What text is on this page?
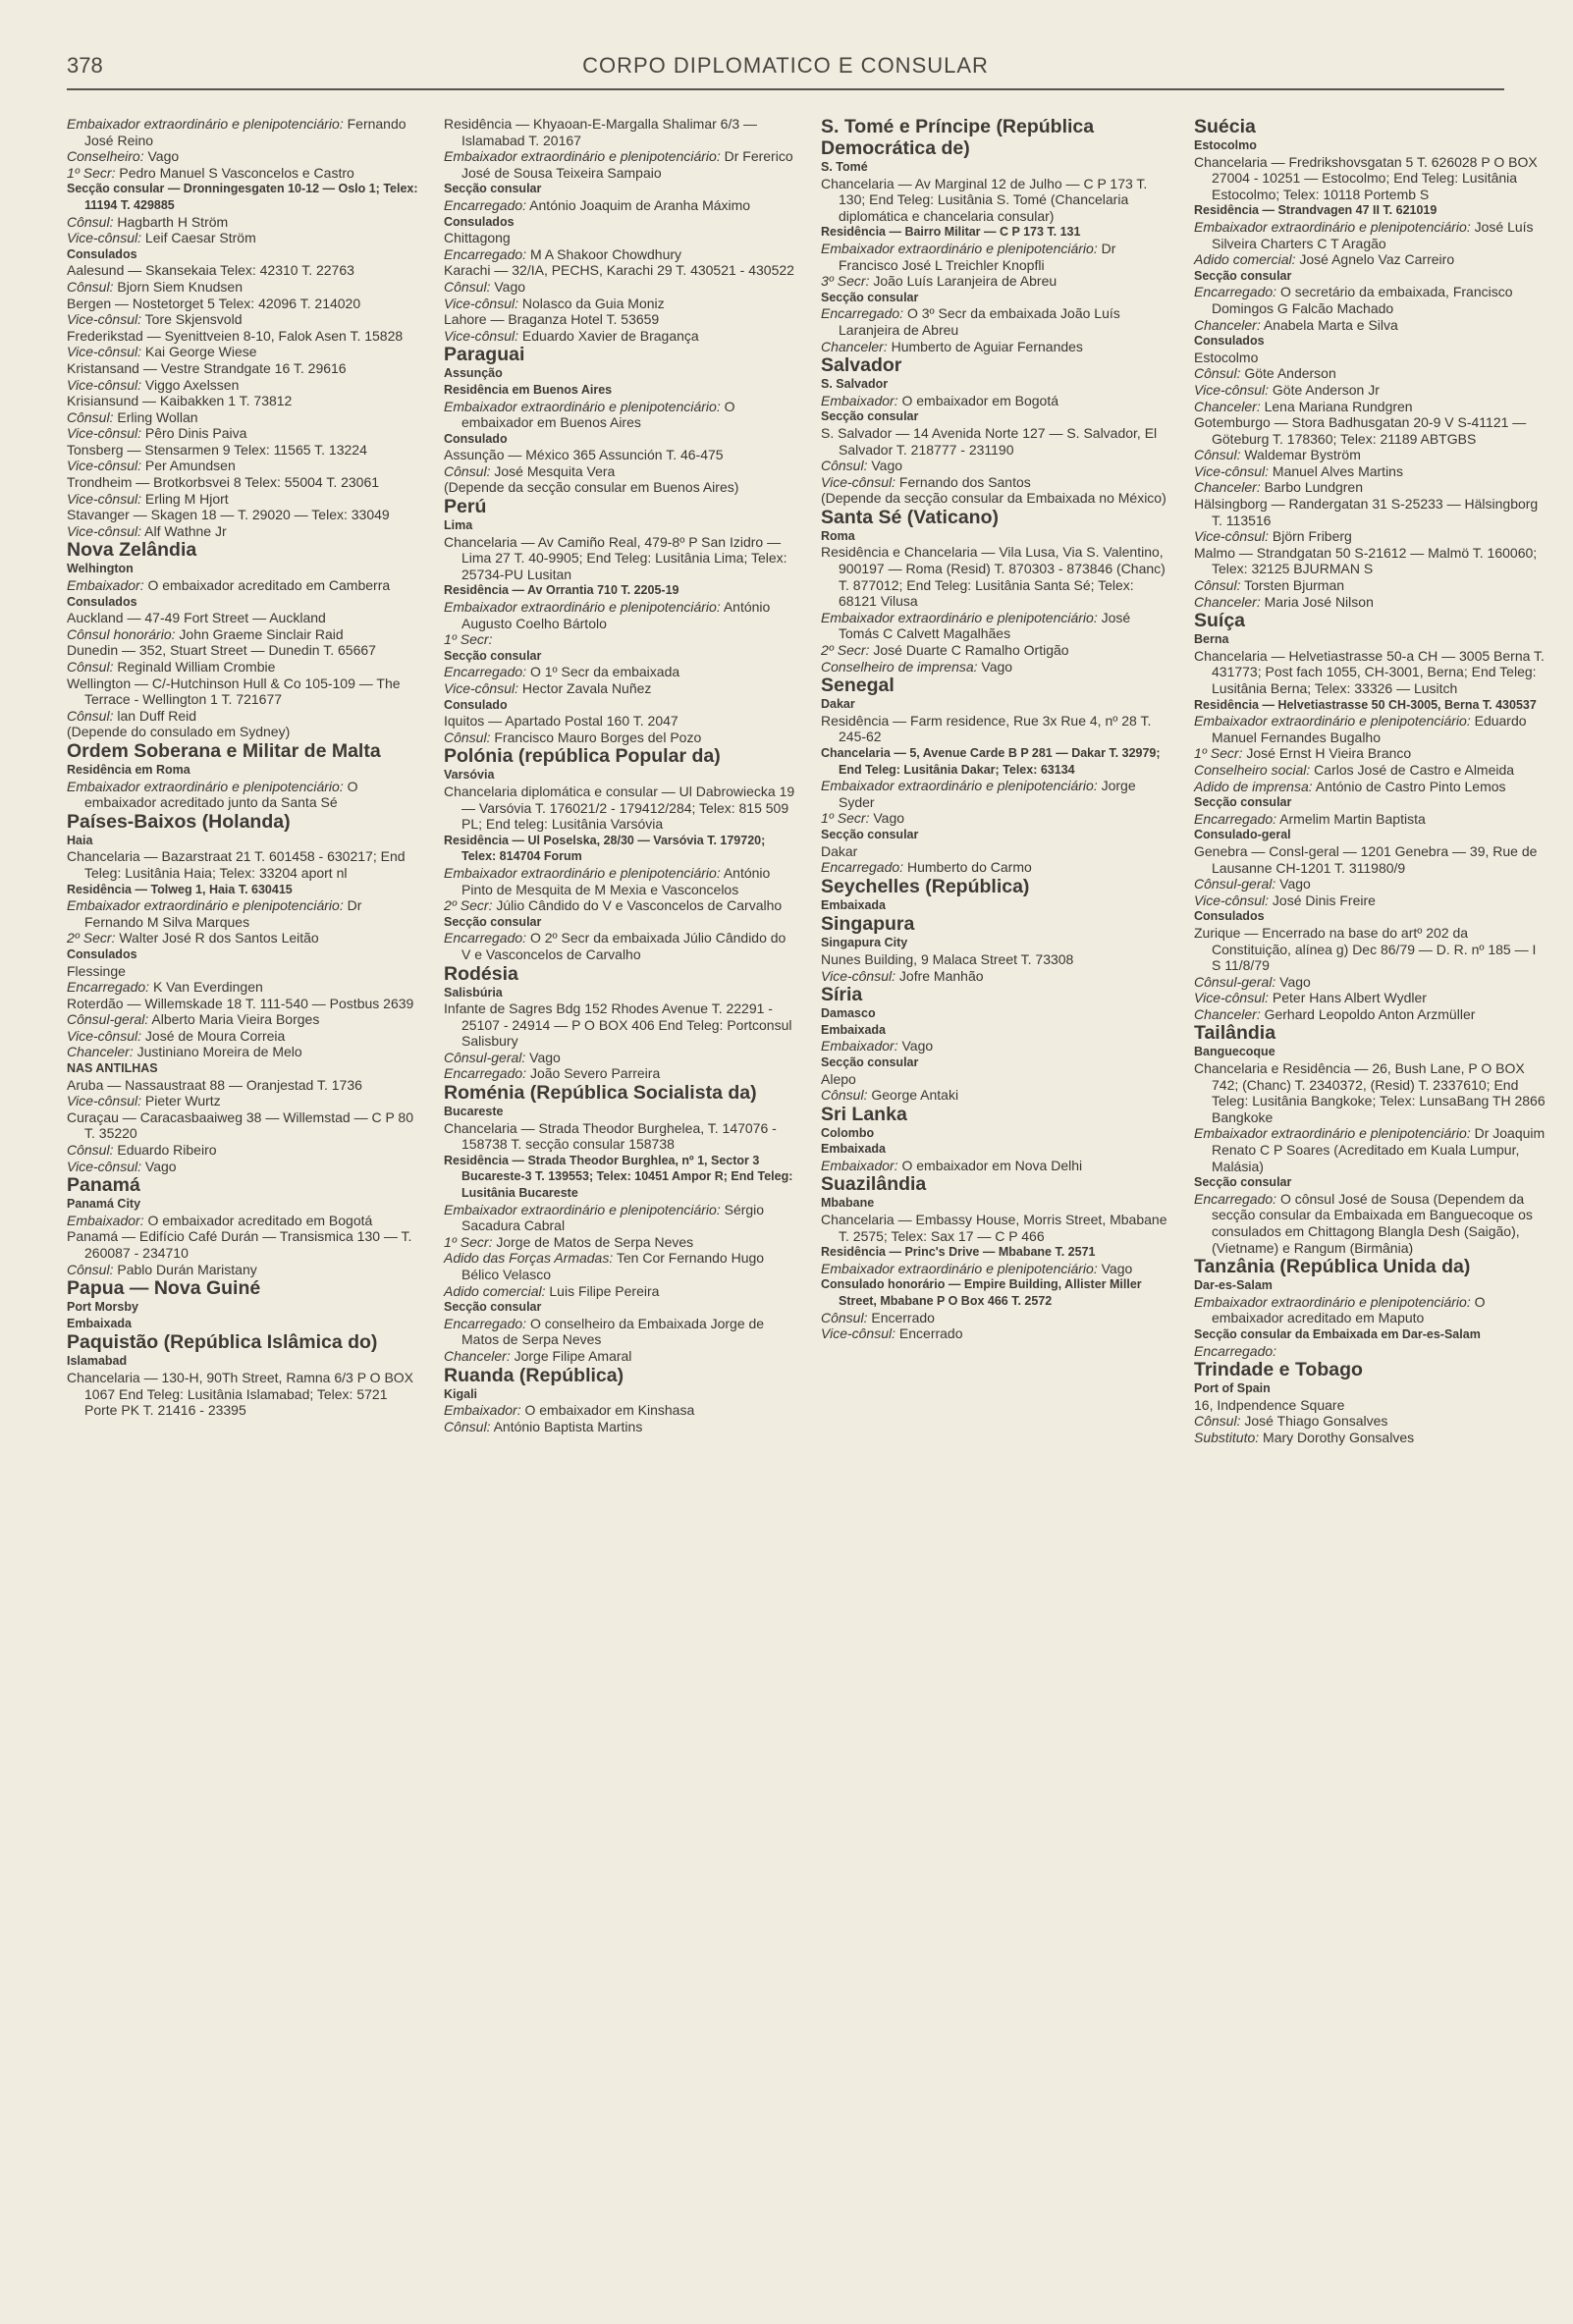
378	CORPO DIPLOMATICO E CONSULAR

Embaixador extraordinário e plenipotenciário: Fernando José Reino

Conselheiro: Vago

1º Secr: Pedro Manuel S Vasconcelos e Castro

Secção consular — Dronningesgaten 10-12 — Oslo 1; Telex: 11194 T. 429885

Cônsul: Hagbarth H Ström

Vice-cônsul: Leif Caesar Ström

Consulados

Aalesund — Skansekaia Telex: 42310 T. 22763

Cônsul: Bjorn Siem Knudsen

Bergen — Nostetorget 5 Telex: 42096 T. 214020

Vice-cônsul: Tore Skjensvold

Frederikstad — Syenittveien 8-10, Falok Asen T. 15828

Vice-cônsul: Kai George Wiese

Kristansand — Vestre Strandgate 16 T. 29616

Vice-cônsul: Viggo Axelssen

Krisiansund — Kaibakken 1 T. 73812

Cônsul: Erling Wollan

Vice-cônsul: Pêro Dinis Paiva

Tonsberg — Stensarmen 9 Telex: 11565 T. 13224

Vice-cônsul: Per Amundsen

Trondheim — Brotkorbsvei 8 Telex: 55004 T. 23061

Vice-cônsul: Erling M Hjort

Stavanger — Skagen 18 — T. 29020 — Telex: 33049

Vice-cônsul: Alf Wathne Jr

Nova Zelândia

Welhington

Embaixador: O embaixador acreditado em Camberra

Consulados

Auckland — 47-49 Fort Street — Auckland

Cônsul honorário: John Graeme Sinclair Raid

Dunedin — 352, Stuart Street — Dunedin T. 65667

Cônsul: Reginald William Crombie

Wellington — C/-Hutchinson Hull & Co 105-109 — The Terrace - Wellington 1 T. 721677

Cônsul: lan Duff Reid

(Depende do consulado em Sydney)

Ordem Soberana e Militar de Malta

Residência em Roma

Embaixador extraordinário e plenipotenciário: O embaixador acreditado junto da Santa Sé

Países-Baixos (Holanda)

Haia

Chancelaria — Bazarstraat 21 T. 601458 - 630217; End Teleg: Lusitânia Haia; Telex: 33204 aport nl

Residência — Tolweg 1, Haia T. 630415

Embaixador extraordinário e plenipotenciário: Dr Fernando M Silva Marques

2º Secr: Walter José R dos Santos Leitão

Consulados

Flessinge

Encarregado: K Van Everdingen

Roterdão — Willemskade 18 T. 111-540 — Postbus 2639

Cônsul-geral: Alberto Maria Vieira Borges

Vice-cônsul: José de Moura Correia

Chanceler: Justiniano Moreira de Melo

NAS ANTILHAS

Aruba — Nassaustraat 88 — Oranjestad T. 1736

Vice-cônsul: Pieter Wurtz

Curaçau — Caracasbaaiweg 38 — Willemstad — C P 80 T. 35220

Cônsul: Eduardo Ribeiro

Vice-cônsul: Vago

Panamá

Panamá City

Embaixador: O embaixador acreditado em Bogotá

Panamá — Edifício Café Durán — Transismica 130 — T. 260087 - 234710

Cônsul: Pablo Durán Maristany

Papua — Nova Guiné

Port Morsby

Embaixada

Paquistão (República Islâmica do)

Islamabad

Chancelaria — 130-H, 90Th Street, Ramna 6/3 P O BOX 1067 End Teleg: Lusitânia Islamabad; Telex: 5721 Porte PK T. 21416 - 23395

Residência — Khyaoan-E-Margalla Shalimar 6/3 — Islamabad T. 20167

Embaixador extraordinário e plenipotenciário: Dr Fererico José de Sousa Teixeira Sampaio

Secção consular

Encarregado: António Joaquim de Aranha Máximo

Consulados

Chittagong

Encarregado: M A Shakoor Chowdhury

Karachi — 32/IA, PECHS, Karachi 29 T. 430521 - 430522

Cônsul: Vago

Vice-cônsul: Nolasco da Guia Moniz

Lahore — Braganza Hotel T. 53659

Vice-cônsul: Eduardo Xavier de Bragança

Paraguai

Assunção

Residência em Buenos Aires

Embaixador extraordinário e plenipotenciário: O embaixador em Buenos Aires

Consulado

Assunção — México 365 Assunción T. 46-475

Cônsul: José Mesquita Vera

(Depende da secção consular em Buenos Aires)

Perú

Lima

Chancelaria — Av Camiño Real, 479-8º P San Izidro — Lima 27 T. 40-9905; End Teleg: Lusitânia Lima; Telex: 25734-PU Lusitan

Residência — Av Orrantia 710 T. 2205-19

Embaixador extraordinário e plenipotenciário: António Augusto Coelho Bártolo

1º Secr:

Secção consular

Encarregado: O 1º Secr da embaixada

Vice-cônsul: Hector Zavala Nuñez

Consulado

Iquitos — Apartado Postal 160 T. 2047

Cônsul: Francisco Mauro Borges del Pozo

Polónia (república Popular da)

Varsóvia

Chancelaria diplomática e consular — Ul Dabrowiecka 19 — Varsóvia T. 176021/2 - 179412/284; Telex: 815 509 PL; End teleg: Lusitânia Varsóvia

Residência — Ul Poselska, 28/30 — Varsóvia T. 179720; Telex: 814704 Forum

Embaixador extraordinário e plenipotenciário: António Pinto de Mesquita de M Mexia e Vasconcelos

2º Secr: Júlio Cândido do V e Vasconcelos de Carvalho

Secção consular

Encarregado: O 2º Secr da embaixada Júlio Cândido do V e Vasconcelos de Carvalho

Rodésia

Salisbúria

Infante de Sagres Bdg 152 Rhodes Avenue T. 22291 - 25107 - 24914 — P O BOX 406 End Teleg: Portconsul Salisbury

Cônsul-geral: Vago

Encarregado: João Severo Parreira

Roménia (República Socialista da)

Bucareste

Chancelaria — Strada Theodor Burghelea, T. 147076 - 158738 T. secção consular 158738

Residência — Strada Theodor Burghlea, nº 1, Sector 3 Bucareste-3 T. 139553; Telex: 10451 Ampor R; End Teleg: Lusitânia Bucareste

Embaixador extraordinário e plenipotenciário: Sérgio Sacadura Cabral

1º Secr: Jorge de Matos de Serpa Neves

Adido das Forças Armadas: Ten Cor Fernando Hugo Bélico Velasco

Adido comercial: Luis Filipe Pereira

Secção consular

Encarregado: O conselheiro da Embaixada Jorge de Matos de Serpa Neves

Chanceler: Jorge Filipe Amaral

Ruanda (República)

Kigali

Embaixador: O embaixador em Kinshasa

Cônsul: António Baptista Martins

S. Tomé e Príncipe (República Democrática de)

S. Tomé

Chancelaria — Av Marginal 12 de Julho — C P 173 T. 130; End Teleg: Lusitânia S. Tomé (Chancelaria diplomática e chancelaria consular)

Residência — Bairro Militar — C P 173 T. 131

Embaixador extraordinário e plenipotenciário: Dr Francisco José L Treichler Knopfli

3º Secr: João Luís Laranjeira de Abreu

Secção consular

Encarregado: O 3º Secr da embaixada João Luís Laranjeira de Abreu

Chanceler: Humberto de Aguiar Fernandes

Salvador

S. Salvador

Embaixador: O embaixador em Bogotá

Secção consular

S. Salvador — 14 Avenida Norte 127 — S. Salvador, El Salvador T. 218777 - 231190

Cônsul: Vago

Vice-cônsul: Fernando dos Santos

(Depende da secção consular da Embaixada no México)

Santa Sé (Vaticano)

Roma

Residência e Chancelaria — Vila Lusa, Via S. Valentino, 900197 — Roma (Resid) T. 870303 - 873846 (Chanc) T. 877012; End Teleg: Lusitânia Santa Sé; Telex: 68121 Vilusa

Embaixador extraordinário e plenipotenciário: José Tomás C Calvett Magalhães

2º Secr: José Duarte C Ramalho Ortigão

Conselheiro de imprensa: Vago

Senegal

Dakar

Residência — Farm residence, Rue 3x Rue 4, nº 28 T. 245-62

Chancelaria — 5, Avenue Carde B P 281 — Dakar T. 32979; End Teleg: Lusitânia Dakar; Telex: 63134

Embaixador extraordinário e plenipotenciário: Jorge Syder

1º Secr: Vago

Secção consular

Dakar

Encarregado: Humberto do Carmo

Seychelles (República)

Embaixada

Singapura

Singapura City

Nunes Building, 9 Malaca Street T. 73308

Vice-cônsul: Jofre Manhão

Síria

Damasco

Embaixada

Embaixador: Vago

Secção consular

Alepo

Cônsul: George Antaki

Sri Lanka

Colombo

Embaixada

Embaixador: O embaixador em Nova Delhi

Suazilândia

Mbabane

Chancelaria — Embassy House, Morris Street, Mbabane T. 2575; Telex: Sax 17 — C P 466

Residência — Princ's Drive — Mbabane T. 2571

Embaixador extraordinário e plenipotenciário: Vago

Consulado honorário — Empire Building, Allister Miller Street, Mbabane P O Box 466 T. 2572

Cônsul: Encerrado

Vice-cônsul: Encerrado

Suécia

Estocolmo

Chancelaria — Fredrikshovsgatan 5 T. 626028 P O BOX 27004 - 10251 — Estocolmo; End Teleg: Lusitânia Estocolmo; Telex: 10118 Portemb S

Residência — Strandvagen 47 II T. 621019

Embaixador extraordinário e plenipotenciário: José Luís Silveira Charters C T Aragão

Adido comercial: José Agnelo Vaz Carreiro

Secção consular

Encarregado: O secretário da embaixada, Francisco Domingos G Falcão Machado

Chanceler: Anabela Marta e Silva

Consulados

Estocolmo

Cônsul: Göte Anderson

Vice-cônsul: Göte Anderson Jr

Chanceler: Lena Mariana Rundgren

Gotemburgo — Stora Badhusgatan 20-9 V S-41121 — Göteburg T. 178360; Telex: 21189 ABTGBS

Cônsul: Waldemar Byström

Vice-cônsul: Manuel Alves Martins

Chanceler: Barbo Lundgren

Hälsingborg — Randergatan 31 S-25233 — Hälsingborg T. 113516

Vice-cônsul: Björn Friberg

Malmo — Strandgatan 50 S-21612 — Malmö T. 160060; Telex: 32125 BJURMAN S

Cônsul: Torsten Bjurman

Chanceler: Maria José Nilson

Suíça

Berna

Chancelaria — Helvetiastrasse 50-a CH — 3005 Berna T. 431773; Post fach 1055, CH-3001, Berna; End Teleg: Lusitânia Berna; Telex: 33326 — Lusitch

Residência — Helvetiastrasse 50 CH-3005, Berna T. 430537

Embaixador extraordinário e plenipotenciário: Eduardo Manuel Fernandes Bugalho

1º Secr: José Ernst H Vieira Branco

Conselheiro social: Carlos José de Castro e Almeida

Adido de imprensa: António de Castro Pinto Lemos

Secção consular

Encarregado: Armelim Martin Baptista

Consulado-geral

Genebra — Consl-geral — 1201 Genebra — 39, Rue de Lausanne CH-1201 T. 311980/9

Cônsul-geral: Vago

Vice-cônsul: José Dinis Freire

Consulados

Zurique — Encerrado na base do artº 202 da Constituição, alínea g) Dec 86/79 — D. R. nº 185 — I S 11/8/79

Cônsul-geral: Vago

Vice-cônsul: Peter Hans Albert Wydler

Chanceler: Gerhard Leopoldo Anton Arzmüller

Tailândia

Banguecoque

Chancelaria e Residência — 26, Bush Lane, P O BOX 742; (Chanc) T. 2340372, (Resid) T. 2337610; End Teleg: Lusitânia Bangkoke; Telex: LunsaBang TH 2866 Bangkoke

Embaixador extraordinário e plenipotenciário: Dr Joaquim Renato C P Soares (Acreditado em Kuala Lumpur, Malásia)

Secção consular

Encarregado: O cônsul José de Sousa (Dependem da secção consular da Embaixada em Banguecoque os consulados em Chittagong Blangla Desh (Saigão), (Vietname) e Rangum (Birmânia)

Tanzânia (República Unida da)

Dar-es-Salam

Embaixador extraordinário e plenipotenciário: O embaixador acreditado em Maputo

Secção consular da Embaixada em Dar-es-Salam

Encarregado:

Trindade e Tobago

Port of Spain

16, Indpendence Square

Cônsul: José Thiago Gonsalves

Substituto: Mary Dorothy Gonsalves
